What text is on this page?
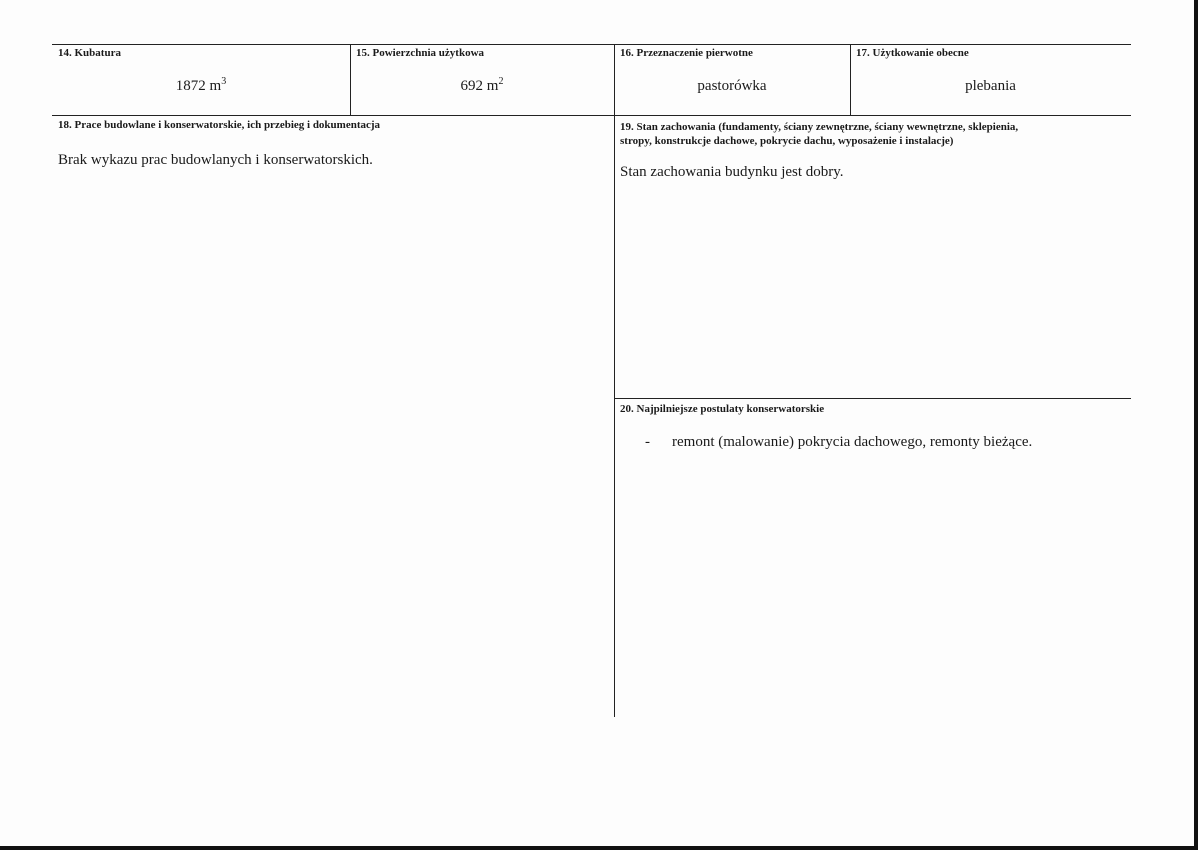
14. Kubatura
1872 $m^3$
15. Powierzchnia użytkowa
692 $m^2$
16. Przeznaczenie pierwotne
pastorówka
17. Użytkowanie obecne
plebania
18. Prace budowlane i konserwatorskie, ich przebieg i dokumentacja
Brak wykazu prac budowlanych i konserwatorskich.
19. Stan zachowania (fundamenty, ściany zewnętrzne, ściany wewnętrzne, sklepienia,
stropy, konstrukcje dachowe, pokrycie dachu, wyposażenie i instalacje)
Stan zachowania budynku jest dobry.
20. Najpilniejsze postulaty konserwatorskie
- remont (malowanie) pokrycia dachowego, remonty bieżące.
